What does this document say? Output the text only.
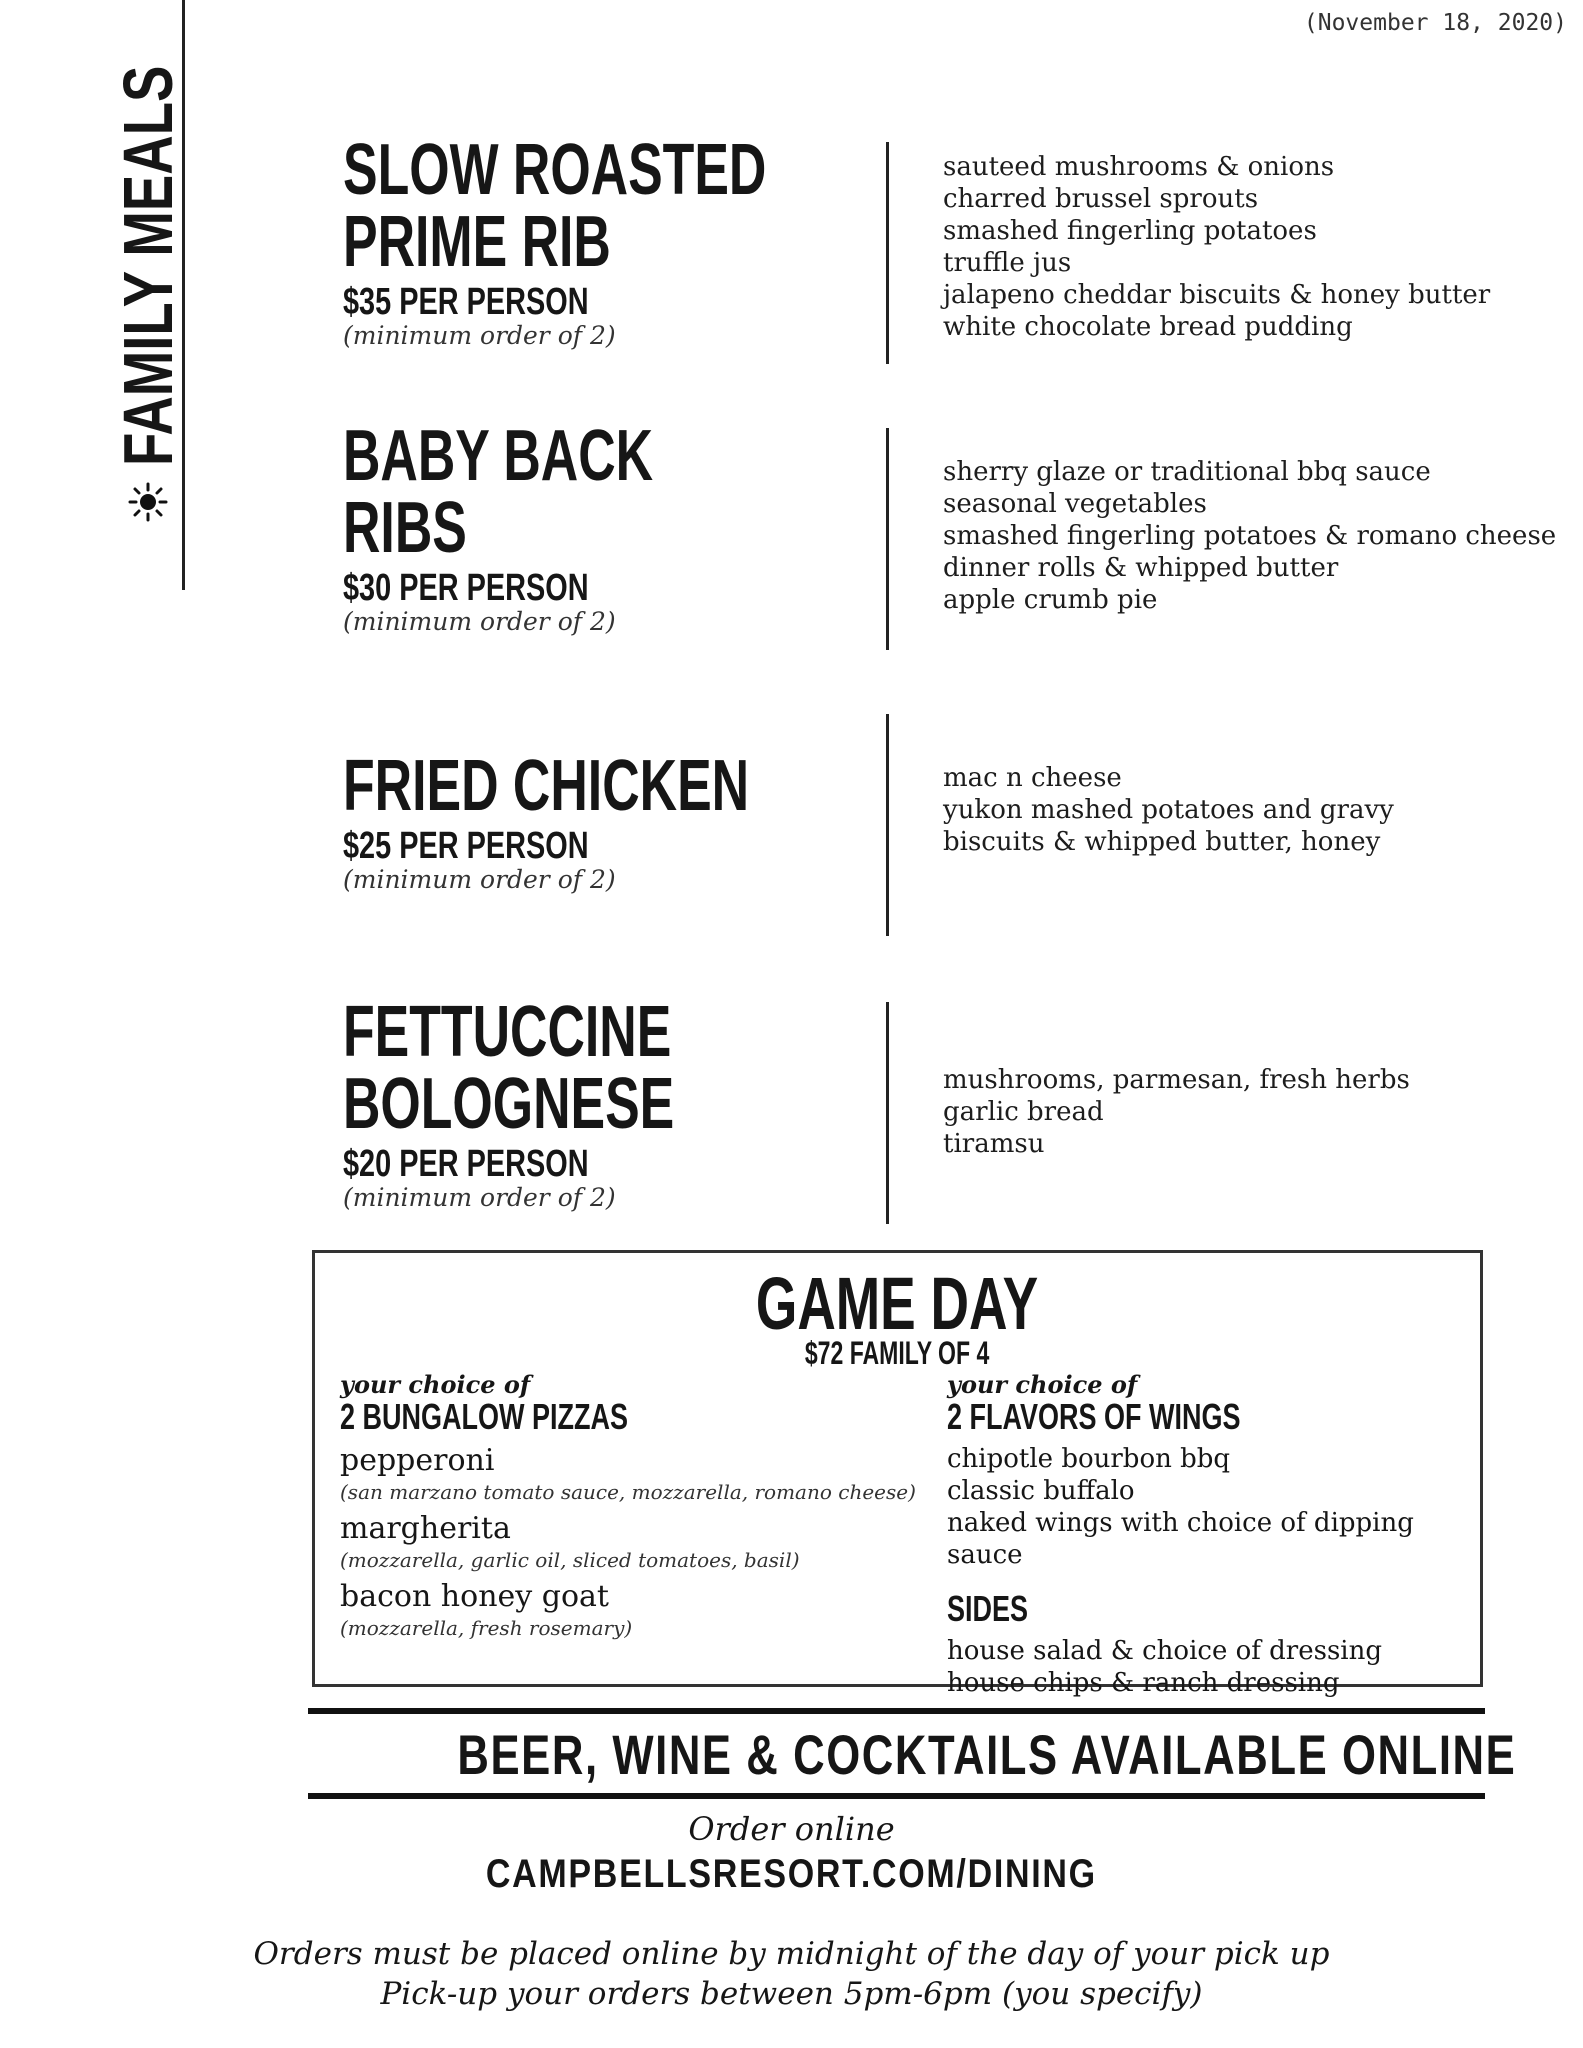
(November 18, 2020)
FAMILY MEALS SLOW ROASTED
PRIME RIB
$35 PER PERSON
(minimum order of 2)
sauteed mushrooms & onions
charred brussel sprouts
smashed fingerling potatoes
truffle jus
jalapeno cheddar biscuits & honey butter
white chocolate bread pudding
BABY BACK
RIBS
$30 PER PERSON
(minimum order of 2)
sherry glaze or traditional bbq sauce
seasonal vegetables
smashed fingerling potatoes & romano cheese
dinner rolls & whipped butter
apple crumb pie
FRIED CHICKEN
$25 PER PERSON
(minimum order of 2)
mac n cheese
yukon mashed potatoes and gravy
biscuits & whipped butter, honey
FETTUCCINE
BOLOGNESE
$20 PER PERSON
(minimum order of 2)
mushrooms, parmesan, fresh herbs
garlic bread
tiramsu
GAME DAY
$72 FAMILY OF 4
your choice of
2 BUNGALOW PIZZAS
pepperoni
(san marzano tomato sauce, mozzarella, romano cheese)
margherita
(mozzarella, garlic oil, sliced tomatoes, basil)
bacon honey goat
(mozzarella, fresh rosemary)
your choice of
2 FLAVORS OF WINGS
chipotle bourbon bbq
classic buffalo
naked wings with choice of dipping sauce
SIDES
house salad & choice of dressing
house chips & ranch dressing
BEER, WINE & COCKTAILS AVAILABLE ONLINE
Order online
CAMPBELLSRESORT.COM/DINING
Orders must be placed online by midnight of the day of your pick up
Pick-up your orders between 5pm-6pm (you specify)
